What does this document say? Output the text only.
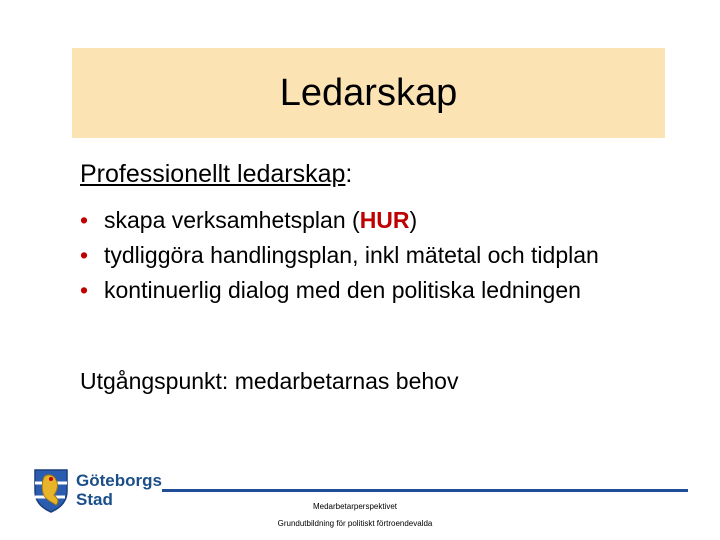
Ledarskap
Professionellt ledarskap:
• skapa verksamhetsplan (HUR)
• tydliggöra handlingsplan, inkl mätetal och tidplan
• kontinuerlig dialog med den politiska ledningen
Utgångspunkt: medarbetarnas behov
Göteborgs
Stad	Medarbetarperspektivet
Grundutbildning för politiskt förtroendevalda
